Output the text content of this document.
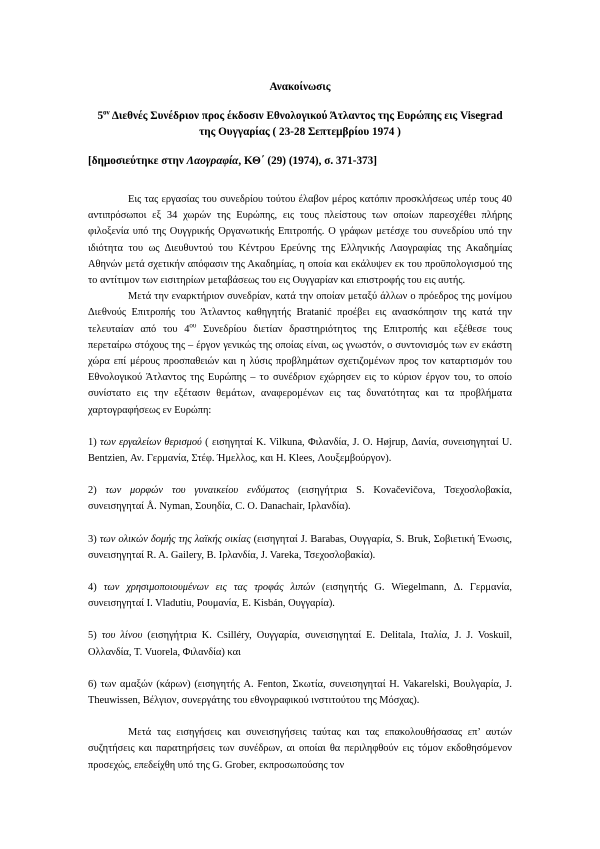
Ανακοίνωσις
$5^{o\nu}$ Διεθνές Συνέδριον προς έκδοσιν Εθνολογικού Άτλαντος της Ευρώπης εις Visegrad της Ουγγαρίας ( 23-28 Σεπτεμβρίου 1974 )
[δημοσιεύτηκε στην Λαογραφία, ΚΘ΄ (29) (1974), σ. 371-373]

Εις τας εργασίας του συνεδρίου τούτου έλαβον μέρος κατόπιν προσκλήσεως υπέρ τους 40 αντιπρόσωποι εξ 34 χωρών της Ευρώπης, εις τους πλείστους των οποίων παρεσχέθει πλήρης φιλοξενία υπό της Ουγγρικής Οργανωτικής Επιτροπής. Ο γράφων μετέσχε του συνεδρίου υπό την ιδιότητα του ως Διευθυντού του Κέντρου Ερεύνης της Ελληνικής Λαογραφίας της Ακαδημίας Αθηνών μετά σχετικήν απόφασιν της Ακαδημίας, η οποία και εκάλυψεν εκ του προϋπολογισμού της το αντίτιμον των εισιτηρίων μεταβάσεως του εις Ουγγαρίαν και επιστροφής του εις αυτής.

Μετά την εναρκτήριον συνεδρίαν, κατά την οποίαν μεταξύ άλλων ο πρόεδρος της μονίμου Διεθνούς Επιτροπής του Άτλαντος καθηγητής Bratanić προέβει εις ανασκόπησιν της κατά την τελευταίαν από του $4^{o\upsilon}$ Συνεδρίου διετίαν δραστηριότητος της Επιτροπής και εξέθεσε τους περεταίρω στόχους της – έργον γενικώς της οποίας είναι, ως γνωστόν, ο συντονισμός των εν εκάστη χώρα επί μέρους προσπαθειών και η λύσις προβλημάτων σχετιζομένων προς τον καταρτισμόν του Εθνολογικού Άτλαντος της Ευρώπης – το συνέδριον εχώρησεν εις το κύριον έργον του, το οποίο συνίστατο εις την εξέτασιν θεμάτων, αναφερομένων εις τας δυνατότητας και τα προβλήματα χαρτογραφήσεως εν Ευρώπη:

1) των εργαλείων θερισμού ( εισηγηταί K. Vilkuna, Φιλανδία, J. O. Højrup, Δανία, συνεισηγηταί U. Bentzien, Αν. Γερμανία, Στέφ. Ήμελλος, και H. Klees, Λουξεμβούργον).

2) των μορφών του γυναικείου ενδύματος (εισηγήτρια S. Kovačevičova, Τσεχοσλοβακία, συνεισηγηταί Å. Nyman, Σουηδία, C. O. Danachair, Ιρλανδία).

3) των ολικών δομής της λαϊκής οικίας (εισηγηταί J. Barabas, Ουγγαρία, S. Bruk, Σοβιετική Ένωσις, συνεισηγηταί R. A. Gailery, Β. Ιρλανδία, J. Vareka, Τσεχοσλοβακία).

4) των χρησιμοποιουμένων εις τας τροφάς λιπών (εισηγητής G. Wiegelmann, Δ. Γερμανία, συνεισηγηταί I. Vladutiu, Ρουμανία, E. Kisbán, Ουγγαρία).

5) του λίνου (εισηγήτρια K. Csilléry, Ουγγαρία, συνεισηγηταί E. Delitala, Ιταλία, J. J. Voskuil, Ολλανδία, T. Vuorela, Φιλανδία) και

6) των αμαξών (κάρων) (εισηγητής A. Fenton, Σκωτία, συνεισηγηταί H. Vakarelski, Βουλγαρία, J. Theuwissen, Βέλγιον, συνεργάτης του εθνογραφικού ινστιτούτου της Μόσχας).

Μετά τας εισηγήσεις και συνεισηγήσεις ταύτας και τας επακολουθήσασας επ’ αυτών συζητήσεις και παρατηρήσεις των συνέδρων, αι οποίαι θα περιληφθούν εις τόμον εκδοθησόμενον προσεχώς, επεδείχθη υπό της G. Grober, εκπροσωπούσης τον
